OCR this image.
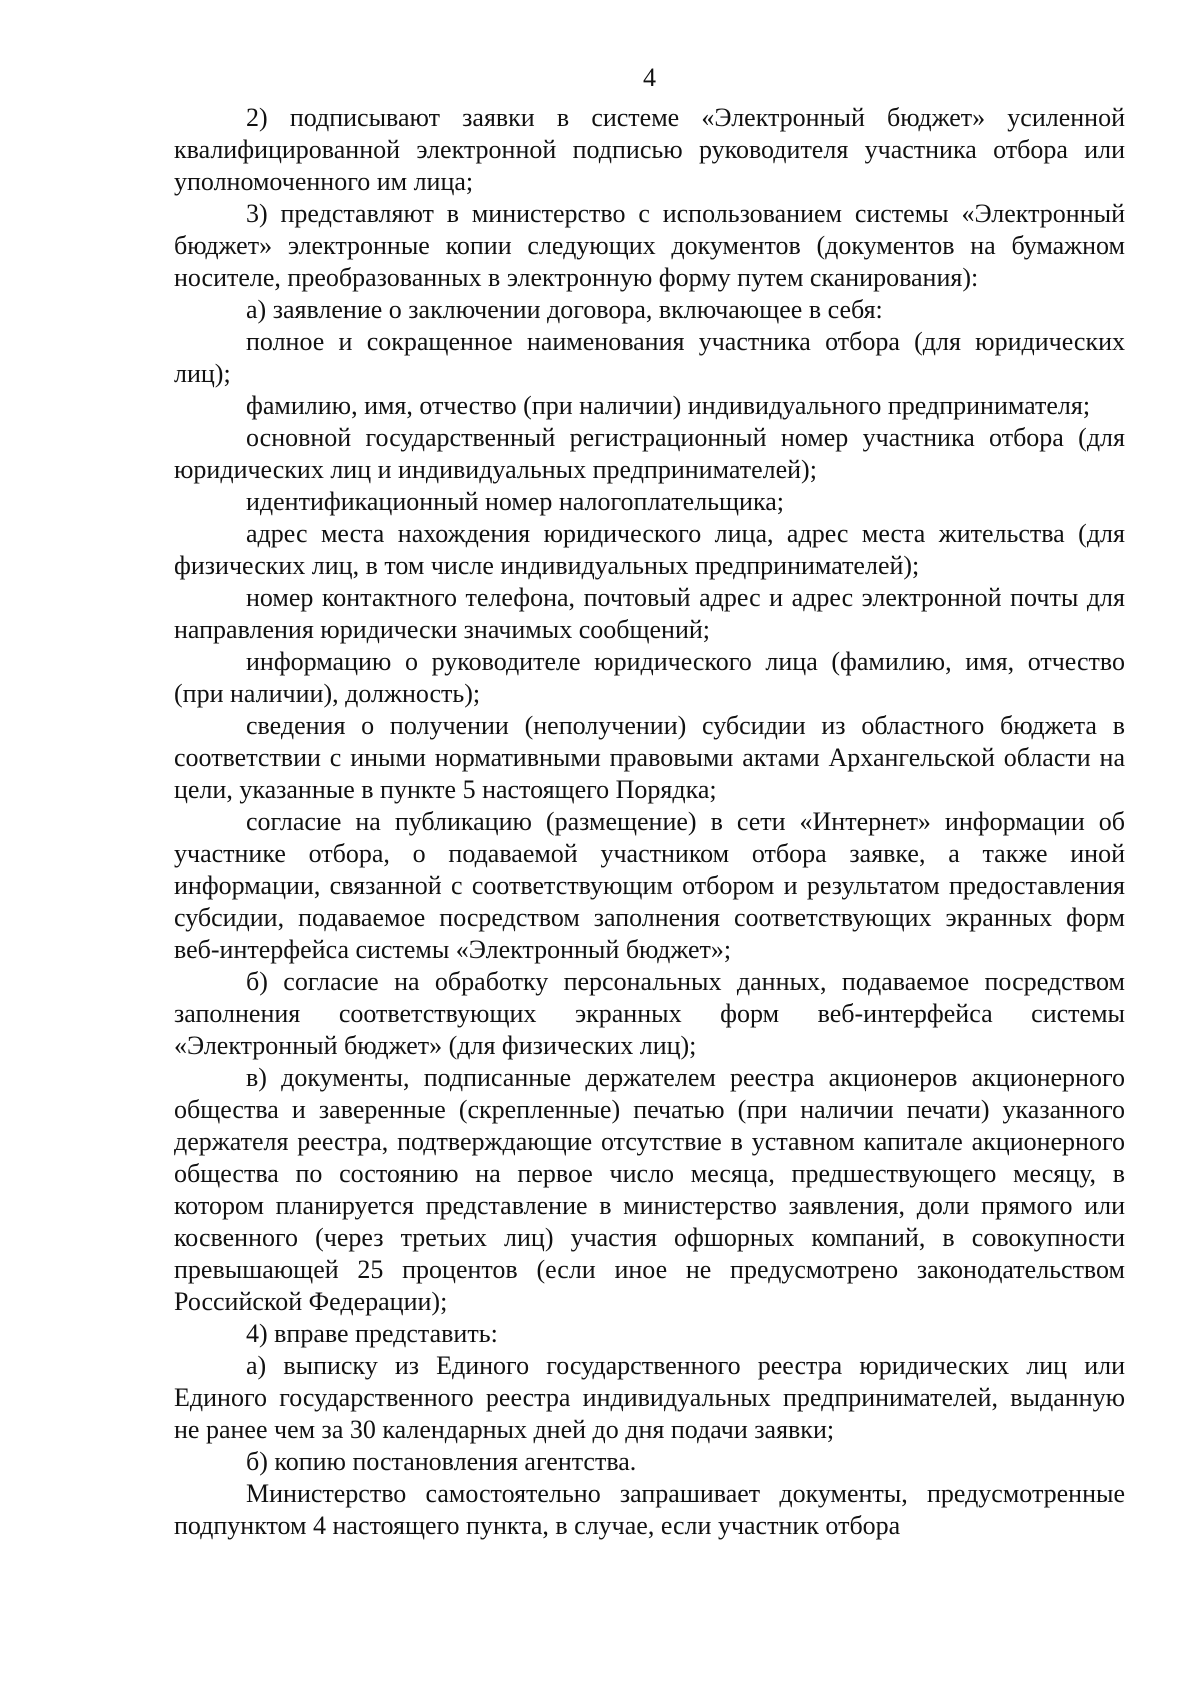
4

2) подписывают заявки в системе «Электронный бюджет» усиленной квалифицированной электронной подписью руководителя участника отбора или уполномоченного им лица;

3) представляют в министерство с использованием системы «Электронный бюджет» электронные копии следующих документов (документов на бумажном носителе, преобразованных в электронную форму путем сканирования):

а) заявление о заключении договора, включающее в себя:

полное и сокращенное наименования участника отбора (для юридических лиц);

фамилию, имя, отчество (при наличии) индивидуального предпринимателя;

основной государственный регистрационный номер участника отбора (для юридических лиц и индивидуальных предпринимателей);

идентификационный номер налогоплательщика;

адрес места нахождения юридического лица, адрес места жительства (для физических лиц, в том числе индивидуальных предпринимателей);

номер контактного телефона, почтовый адрес и адрес электронной почты для направления юридически значимых сообщений;

информацию о руководителе юридического лица (фамилию, имя, отчество (при наличии), должность);

сведения о получении (неполучении) субсидии из областного бюджета в соответствии с иными нормативными правовыми актами Архангельской области на цели, указанные в пункте 5 настоящего Порядка;

согласие на публикацию (размещение) в сети «Интернет» информации об участнике отбора, о подаваемой участником отбора заявке, а также иной информации, связанной с соответствующим отбором и результатом предоставления субсидии, подаваемое посредством заполнения соответствующих экранных форм веб-интерфейса системы «Электронный бюджет»;

б) согласие на обработку персональных данных, подаваемое посредством заполнения соответствующих экранных форм веб-интерфейса системы «Электронный бюджет» (для физических лиц);

в) документы, подписанные держателем реестра акционеров акционерного общества и заверенные (скрепленные) печатью (при наличии печати) указанного держателя реестра, подтверждающие отсутствие в уставном капитале акционерного общества по состоянию на первое число месяца, предшествующего месяцу, в котором планируется представление в министерство заявления, доли прямого или косвенного (через третьих лиц) участия офшорных компаний, в совокупности превышающей 25 процентов (если иное не предусмотрено законодательством Российской Федерации);

4) вправе представить:

а) выписку из Единого государственного реестра юридических лиц или Единого государственного реестра индивидуальных предпринимателей, выданную не ранее чем за 30 календарных дней до дня подачи заявки;

б) копию постановления агентства.

Министерство самостоятельно запрашивает документы, предусмотренные подпунктом 4 настоящего пункта, в случае, если участник отбора
